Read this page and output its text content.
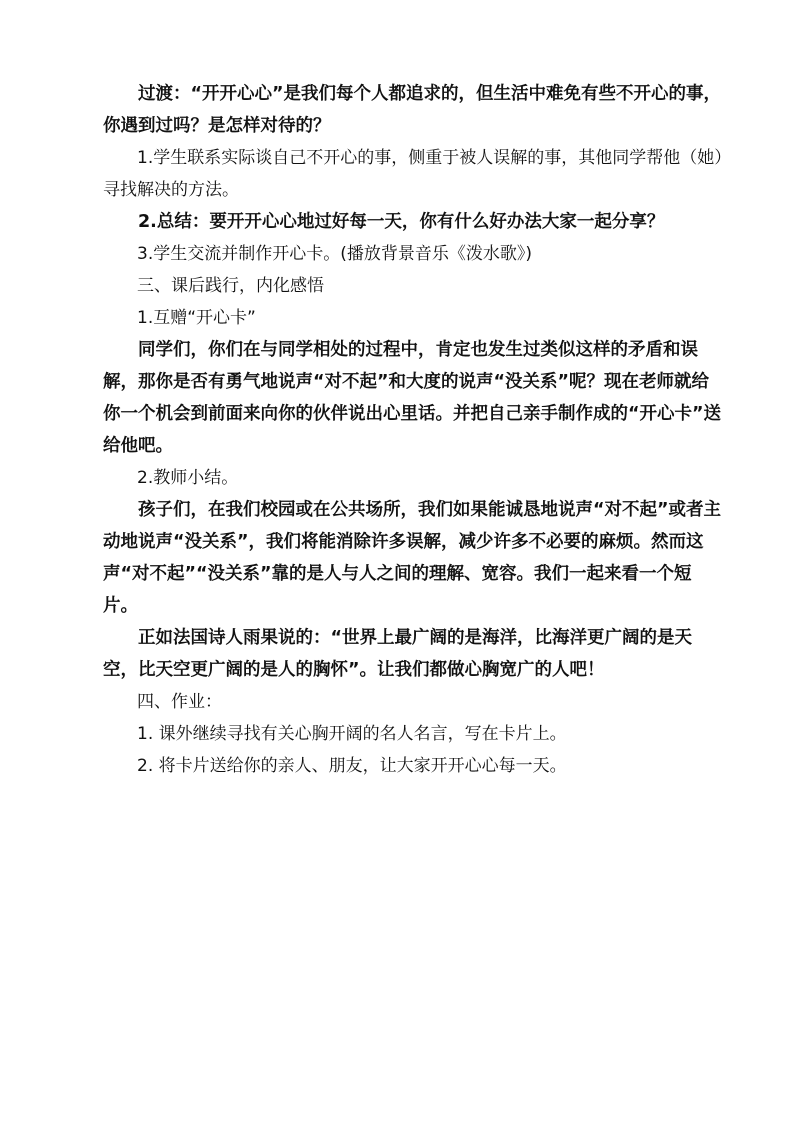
过渡：“开开心心”是我们每个人都追求的，但生活中难免有些不开心的事，你遇到过吗？是怎样对待的？

1.学生联系实际谈自己不开心的事，侧重于被人误解的事，其他同学帮他（她）寻找解决的方法。

2.总结：要开开心心地过好每一天，你有什么好办法大家一起分享？

3.学生交流并制作开心卡。(播放背景音乐《泼水歌》)

三、课后践行，内化感悟

1.互赠“开心卡”

同学们，你们在与同学相处的过程中，肯定也发生过类似这样的矛盾和误解，那你是否有勇气地说声“对不起”和大度的说声“没关系”呢？现在老师就给你一个机会到前面来向你的伙伴说出心里话。并把自己亲手制作成的“开心卡”送给他吧。

2.教师小结。

孩子们，在我们校园或在公共场所，我们如果能诚恳地说声“对不起”或者主动地说声“没关系”，我们将能消除许多误解，减少许多不必要的麻烦。然而这声“对不起”“没关系”靠的是人与人之间的理解、宽容。我们一起来看一个短片。

正如法国诗人雨果说的：“世界上最广阔的是海洋，比海洋更广阔的是天空，比天空更广阔的是人的胸怀”。让我们都做心胸宽广的人吧！

四、作业：

1. 课外继续寻找有关心胸开阔的名人名言，写在卡片上。

2. 将卡片送给你的亲人、朋友，让大家开开心心每一天。
